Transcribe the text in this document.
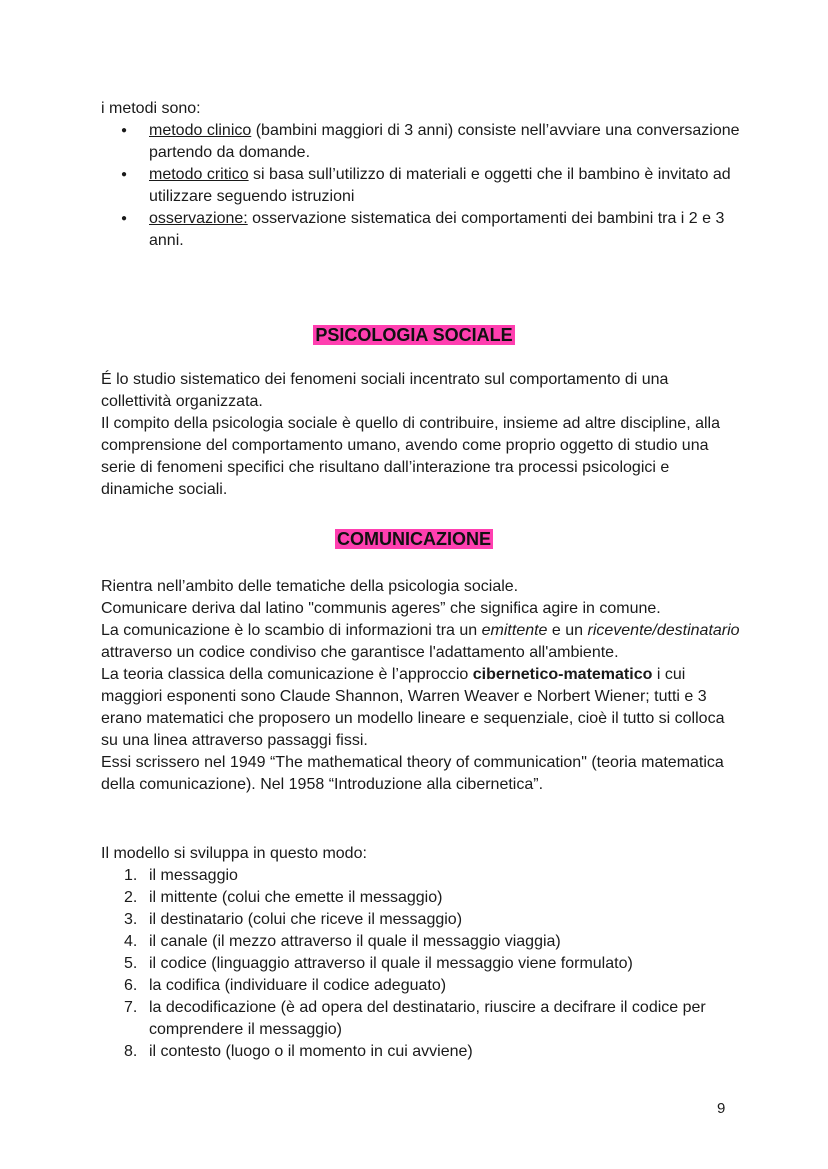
i metodi sono:

● metodo clinico (bambini maggiori di 3 anni) consiste nell’avviare una conversazione partendo da domande.
● metodo critico si basa sull’utilizzo di materiali e oggetti che il bambino è invitato ad utilizzare seguendo istruzioni
● osservazione: osservazione sistematica dei comportamenti dei bambini tra i 2 e 3 anni.
PSICOLOGIA SOCIALE

É lo studio sistematico dei fenomeni sociali incentrato sul comportamento di una collettività organizzata.

Il compito della psicologia sociale è quello di contribuire, insieme ad altre discipline, alla comprensione del comportamento umano, avendo come proprio oggetto di studio una serie di fenomeni specifici che risultano dall’interazione tra processi psicologici e dinamiche sociali.

COMUNICAZIONE

Rientra nell’ambito delle tematiche della psicologia sociale.

Comunicare deriva dal latino "communis ageres” che significa agire in comune.

La comunicazione è lo scambio di informazioni tra un emittente e un ricevente/destinatario attraverso un codice condiviso che garantisce l'adattamento all'ambiente.

La teoria classica della comunicazione è l’approccio cibernetico-matematico i cui maggiori esponenti sono Claude Shannon, Warren Weaver e Norbert Wiener; tutti e 3 erano matematici che proposero un modello lineare e sequenziale, cioè il tutto si colloca su una linea attraverso passaggi fissi.

Essi scrissero nel 1949 “The mathematical theory of communication" (teoria matematica della comunicazione). Nel 1958 “Introduzione alla cibernetica”.

Il modello si sviluppa in questo modo:

1. il messaggio
2. il mittente (colui che emette il messaggio)
3. il destinatario (colui che riceve il messaggio)
4. il canale (il mezzo attraverso il quale il messaggio viaggia)
5. il codice (linguaggio attraverso il quale il messaggio viene formulato)
6. la codifica (individuare il codice adeguato)
7. la decodificazione (è ad opera del destinatario, riuscire a decifrare il codice per comprendere il messaggio)
8. il contesto (luogo o il momento in cui avviene)
9
